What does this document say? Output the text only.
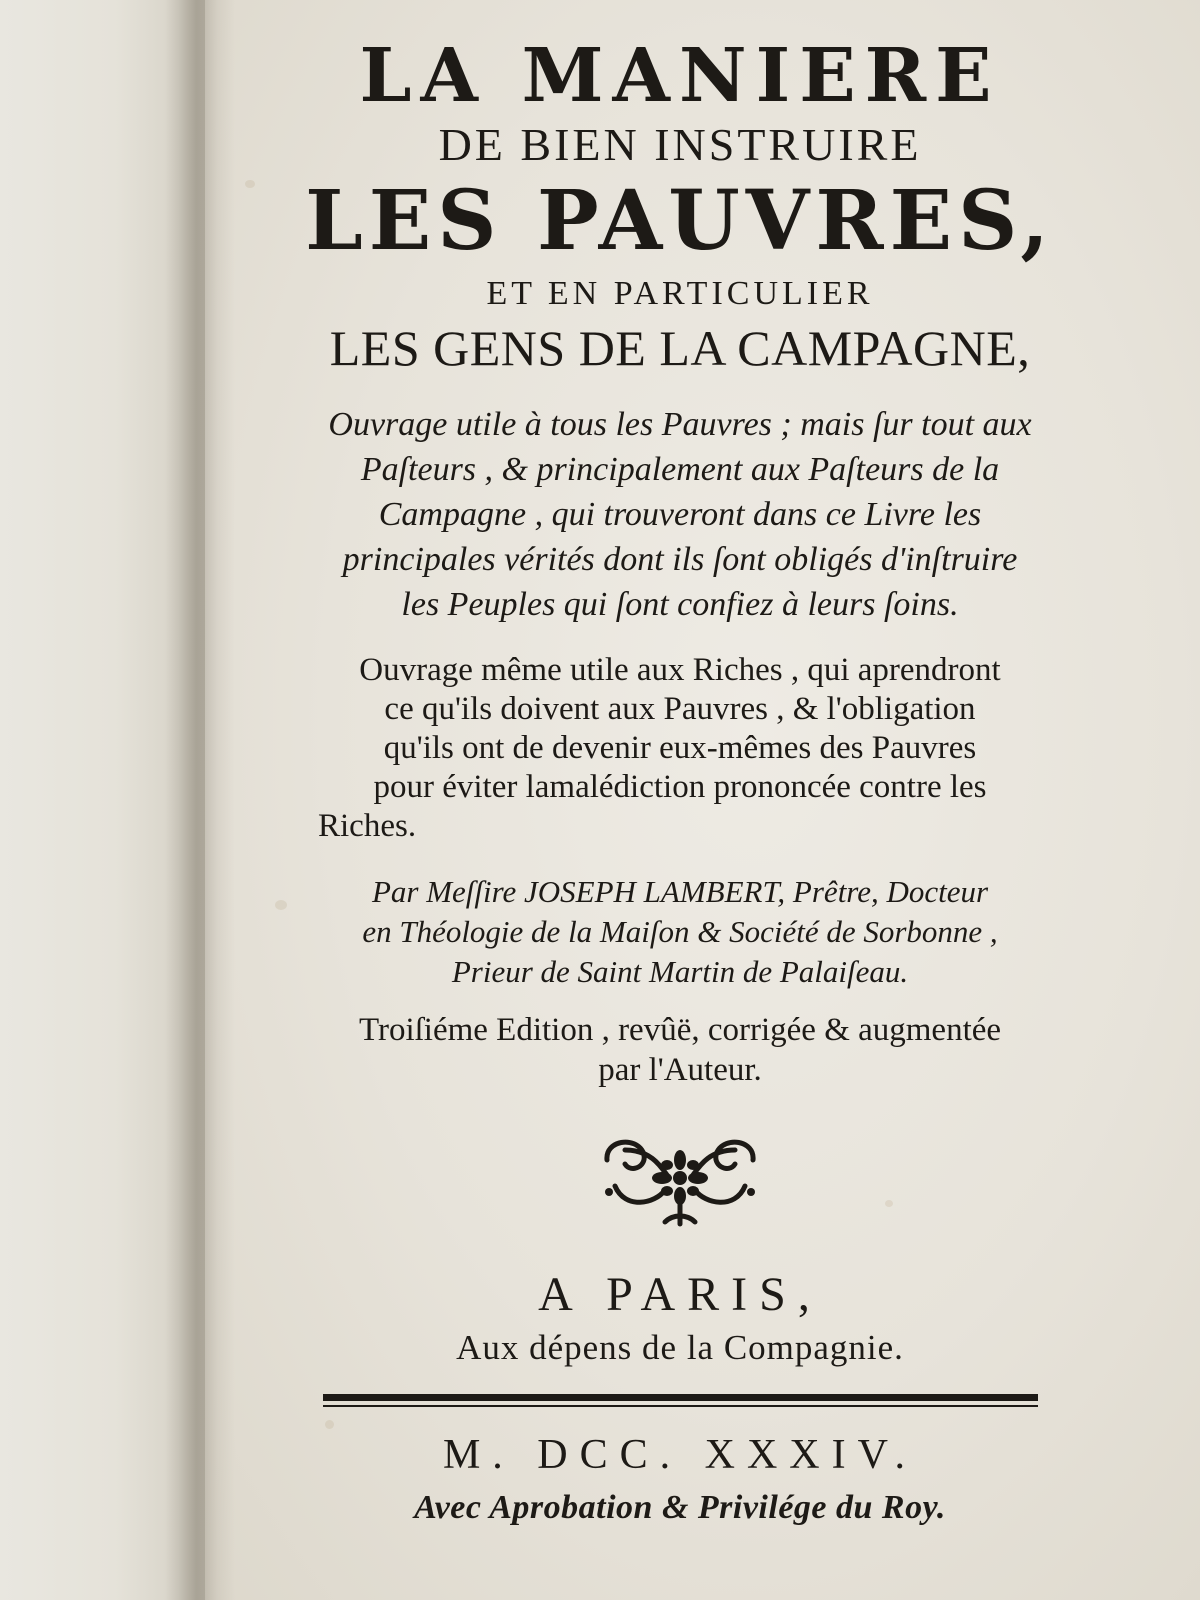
LA MANIERE
DE BIEN INSTRUIRE
LES PAUVRES,
ET EN PARTICULIER
LES GENS DE LA CAMPAGNE,
Ouvrage utile à tous les Pauvres ; mais ſur tout aux
Paſteurs , & principalement aux Paſteurs de la
Campagne , qui trouveront dans ce Livre les
principales vérités dont ils ſont obligés d'inſtruire
les Peuples qui ſont confiez à leurs ſoins.
Ouvrage même utile aux Riches , qui aprendront
ce qu'ils doivent aux Pauvres , & l'obligation
qu'ils ont de devenir eux-mêmes des Pauvres
pour éviter lamalédiction prononcée contre les
Riches.
Par Meſſire JOSEPH LAMBERT, Prêtre, Docteur
en Théologie de la Maiſon & Société de Sorbonne ,
Prieur de Saint Martin de Palaiſeau.
Troiſiéme Edition , revûë, corrigée & augmentée
par l'Auteur.
A PARIS,
Aux dépens de la Compagnie.
M. DCC. XXXIV.
Avec Aprobation & Privilége du Roy.
